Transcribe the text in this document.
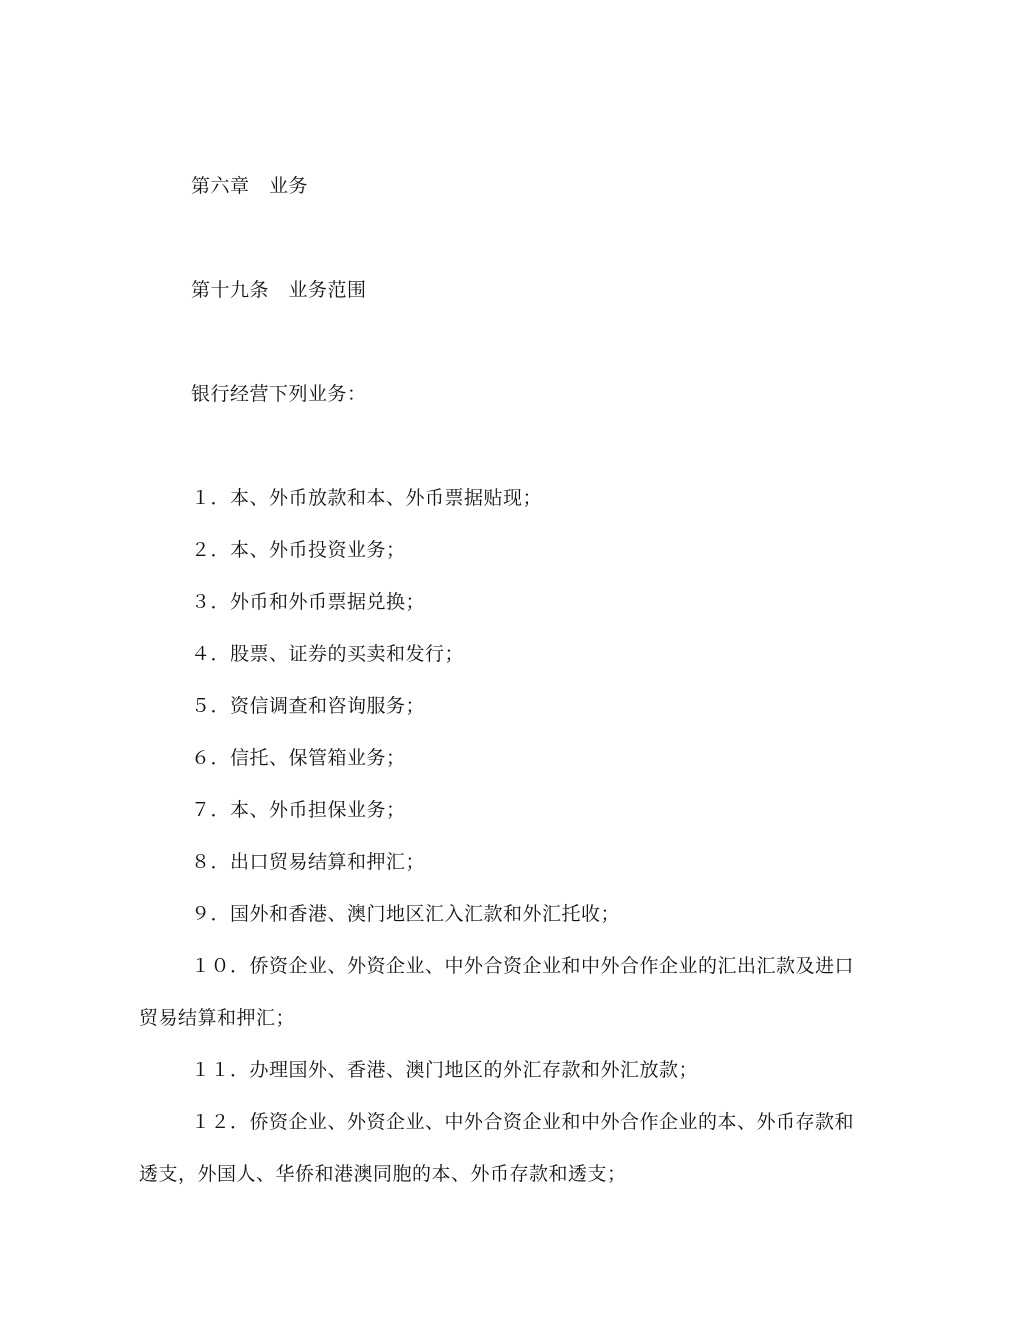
第六章　业务
第十九条　业务范围
银行经营下列业务：
１．本、外币放款和本、外币票据贴现；
２．本、外币投资业务；
３．外币和外币票据兑换；
４．股票、证券的买卖和发行；
５．资信调查和咨询服务；
６．信托、保管箱业务；
７．本、外币担保业务；
８．出口贸易结算和押汇；
９．国外和香港、澳门地区汇入汇款和外汇托收；
１０．侨资企业、外资企业、中外合资企业和中外合作企业的汇出汇款及进口
贸易结算和押汇；
１１．办理国外、香港、澳门地区的外汇存款和外汇放款；
１２．侨资企业、外资企业、中外合资企业和中外合作企业的本、外币存款和
透支，外国人、华侨和港澳同胞的本、外币存款和透支；
